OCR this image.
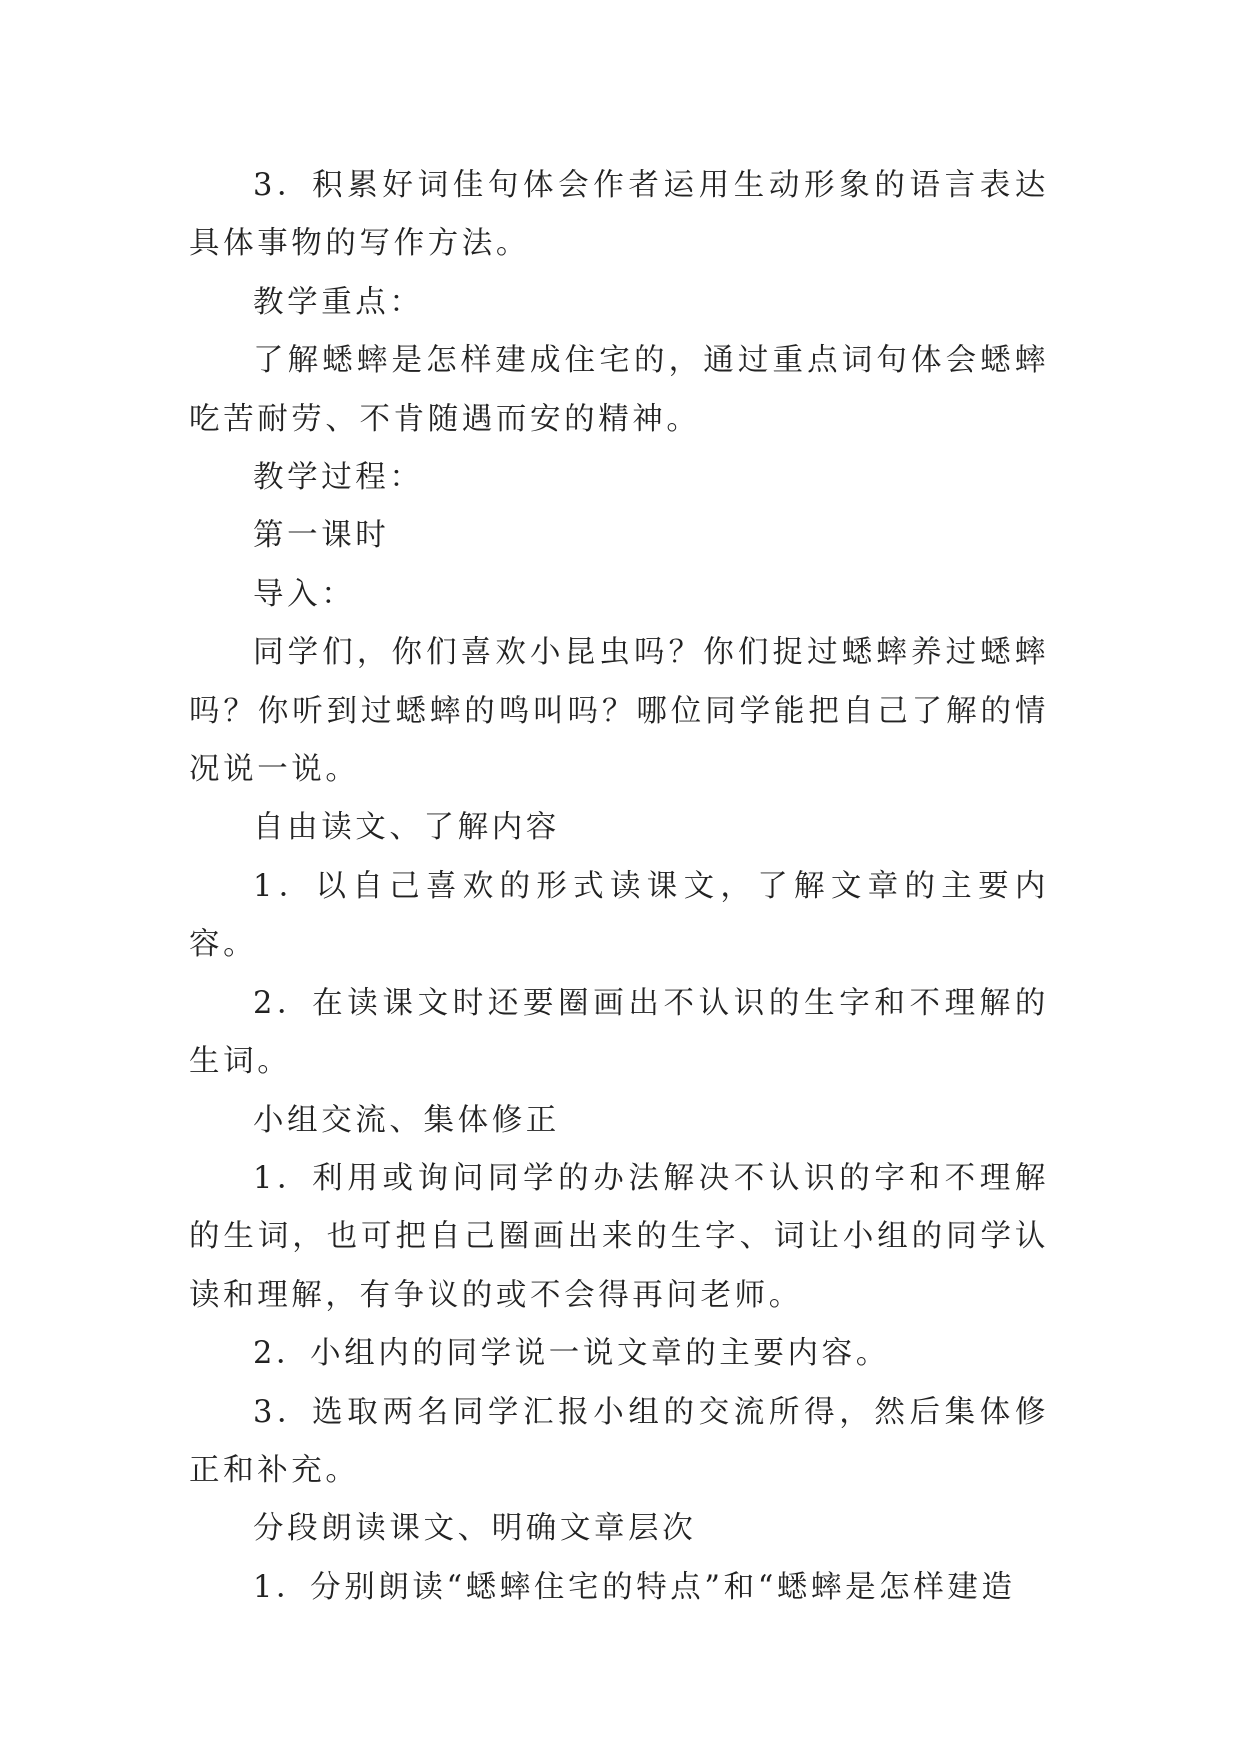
3．积累好词佳句体会作者运用生动形象的语言表达具体事物的写作方法。

教学重点：

了解蟋蟀是怎样建成住宅的，通过重点词句体会蟋蟀吃苦耐劳、不肯随遇而安的精神。

教学过程：

第一课时

导入：

同学们，你们喜欢小昆虫吗？你们捉过蟋蟀养过蟋蟀吗？你听到过蟋蟀的鸣叫吗？哪位同学能把自己了解的情况说一说。

自由读文、了解内容

1．以自己喜欢的形式读课文，了解文章的主要内容。

2．在读课文时还要圈画出不认识的生字和不理解的生词。

小组交流、集体修正

1．利用或询问同学的办法解决不认识的字和不理解的生词，也可把自己圈画出来的生字、词让小组的同学认读和理解，有争议的或不会得再问老师。

2．小组内的同学说一说文章的主要内容。

3．选取两名同学汇报小组的交流所得，然后集体修正和补充。

分段朗读课文、明确文章层次

1．分别朗读“蟋蟀住宅的特点”和“蟋蟀是怎样建造
